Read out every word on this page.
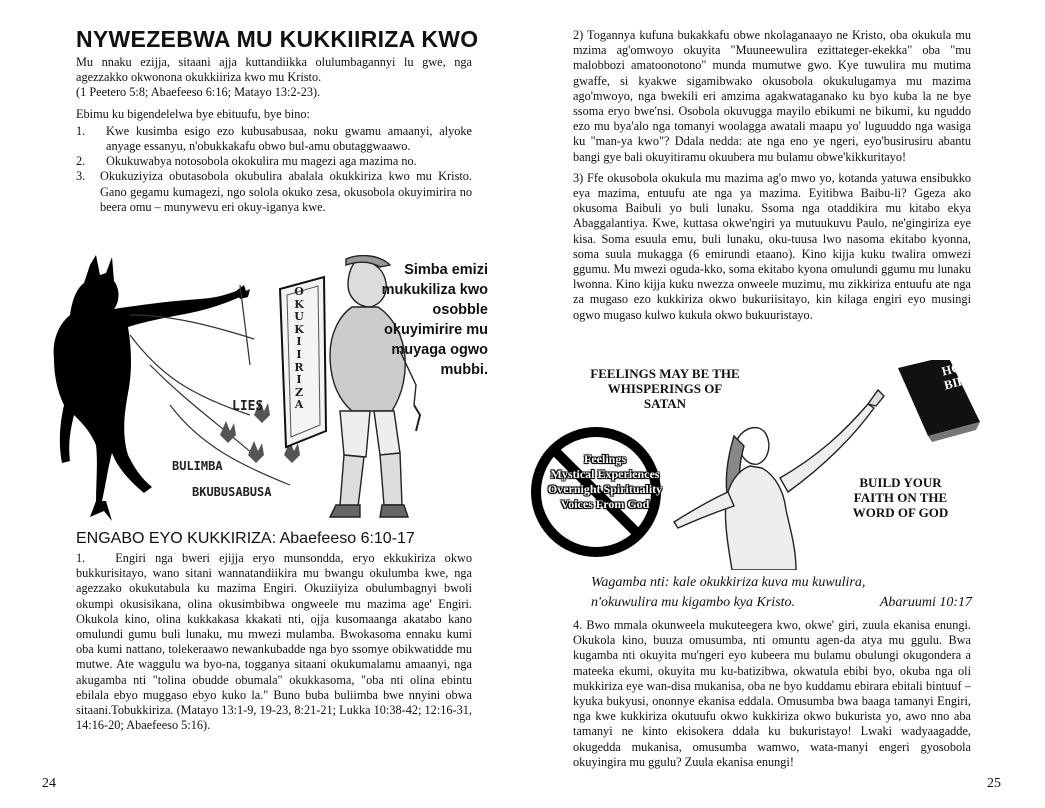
NYWEZEBWA MU KUKKIIRIZA KWO

Mu nnaku ezijja, sitaani ajja kuttandiikka olulumbagannyi lu gwe, nga agezzakko okwonona okukkiiriza kwo mu Kristo.

(1 Peetero 5:8; Abaefeeso 6:16; Matayo 13:2-23).

Ebimu ku bigendelelwa bye ebituufu, bye bino:

1. Kwe kusimba esigo ezo kubusabusaa, noku gwamu amaanyi, alyoke anyage essanyu, n'obukkakafu obwo bul-amu obutaggwaawo.
2. Okukuwabya notosobola okokulira mu magezi aga mazima no.
3. Okukuziyiza obutasobola okubulira abalala okukkiriza kwo mu Kristo. Gano gegamu kumagezi, ngo solola okuko zesa, okusobola okuyimirira no beera omu – munywevu eri okuy-iganya kwe.
O
K
U
K
I
I
R
I
Z
A
Simba emizi mukukiliza kwo osobble okuyimirire mu muyaga ogwo mubbi.
LIES
BULIMBA
BKUBUSABUSA
ENGABO EYO KUKKIRIZA: Abaefeeso 6:10-17

1. Engiri nga bweri ejijja eryo munsondda, eryo ekkukiriza okwo bukkurisitayo, wano sitani wannatandiikira mu bwangu okulumba kwe, nga agezzako okukutabula ku mazima Engiri. Okuziiyiza obulumbagnyi bwoli okumpi okusisikana, olina okusimbibwa ongweele mu mazima age' Engiri. Okukola kino, olina kukkakasa kkakati nti, ojja kusomaanga akatabo kano omulundi gumu buli lunaku, mu mwezi mulamba. Bwokasoma ennaku kumi oba kumi nattano, tolekeraawo newankubadde nga byo ssomye obikwatidde mu mutwe. Ate waggulu wa byo-na, togganya sitaani okukumalamu amaanyi, nga akugamba nti "tolina obudde obumala" okukkasoma, "oba nti olina ebintu ebilala ebyo muggaso ebyo kuko la." Buno buba buliimba bwe nnyini obwa sitaani.Tobukkiriza. (Matayo 13:1-9, 19-23, 8:21-21; Lukka 10:38-42; 12:16-31, 14:16-20; Abaefeeso 5:16).

24

2) Togannya kufuna bukakkafu obwe nkolaganaayo ne Kristo, oba okukula mu mzima ag'omwoyo okuyita "Muuneewulira ezittateger-ekekka" oba "mu malobbozi amatoonotono" munda mumutwe gwo. Kye tuwulira mu mutima gwaffe, si kyakwe sigamibwako okusobola okukulugamya mu mazima ago'mwoyo, nga bwekili eri amzima agakwataganako ku byo kuba la ne bye ssoma eryo bwe'nsi. Osobola okuvugga mayilo ebikumi ne bikumi, ku nguddo ezo mu bya'alo nga tomanyi woolagga awatali maapu yo' luguuddo nga wasiga ku "man-ya kwo"? Ddala nedda: ate nga eno ye ngeri, eyo'busirusiru abantu bangi gye bali okuyitiramu okuubera mu bulamu obwe'kikkuritayo!

3) Ffe okusobola okukula mu mazima ag'o mwo yo, kotanda yatuwa ensibukko eya mazima, entuufu ate nga ya mazima. Eyitibwa Baibu-li? Ggeza ako okusoma Baibuli yo buli lunaku. Ssoma nga otaddikira mu kitabo ekya Abaggalantiya. Kwe, kuttasa okwe'ngiri ya mutuukuvu Paulo, ne'gingiriza eye kisa. Soma esuula emu, buli lunaku, oku-tuusa lwo nasoma ekitabo kyonna, soma suula mukagga (6 emirundi etaano). Kino kijja kuku twalira omwezi ggumu. Mu mwezi oguda-kko, soma ekitabo kyona omulundi ggumu mu lunaku lwonna. Kino kijja kuku nwezza onweele muzimu, mu zikkiriza entuufu ate nga za mugaso ezo kukkiriza okwo bukuriisitayo, kin kilaga engiri eyo musingi ogwo mugaso kulwo kukula okwo bukuuristayo.

FEELINGS MAY BE THE WHISPERINGS OF SATAN
HOLY BIBLE
Feelings
Mystical Experiences
Overnight Spirituality
Voices From God
BUILD YOUR FAITH ON THE WORD OF GOD
Wagamba nti: kale okukkiriza kuva mu kuwulira,
n'okuwulira mu kigambo kya Kristo.	Abaruumi 10:17
4. Bwo mmala okunweela mukuteegera kwo, okwe' giri, zuula ekanisa enungi. Okukola kino, buuza omusumba, nti omuntu agen-da atya mu ggulu. Bwa kugamba nti okuyita mu'ngeri eyo kubeera mu bulamu obulungi okugondera a mateeka ekumi, okuyita mu ku-batizibwa, okwatula ebibi byo, okuba nga oli mukkiriza eye wan-disa mukanisa, oba ne byo kuddamu ebirara ebitali bintuuf – kyuka bukyusi, ononnye ekanisa eddala. Omusumba bwa baaga tamanyi Engiri, nga kwe kukkiriza okutuufu okwo kukkiriza okwo bukurista yo, awo nno aba tamanyi ne kinto ekisokera ddala ku bukuristayo! Lwaki wadyaagadde, okugedda mukanisa, omusumba wamwo, wata-manyi engeri gyosobola okuyingira mu ggulu? Zuula ekanisa enungi!
25
